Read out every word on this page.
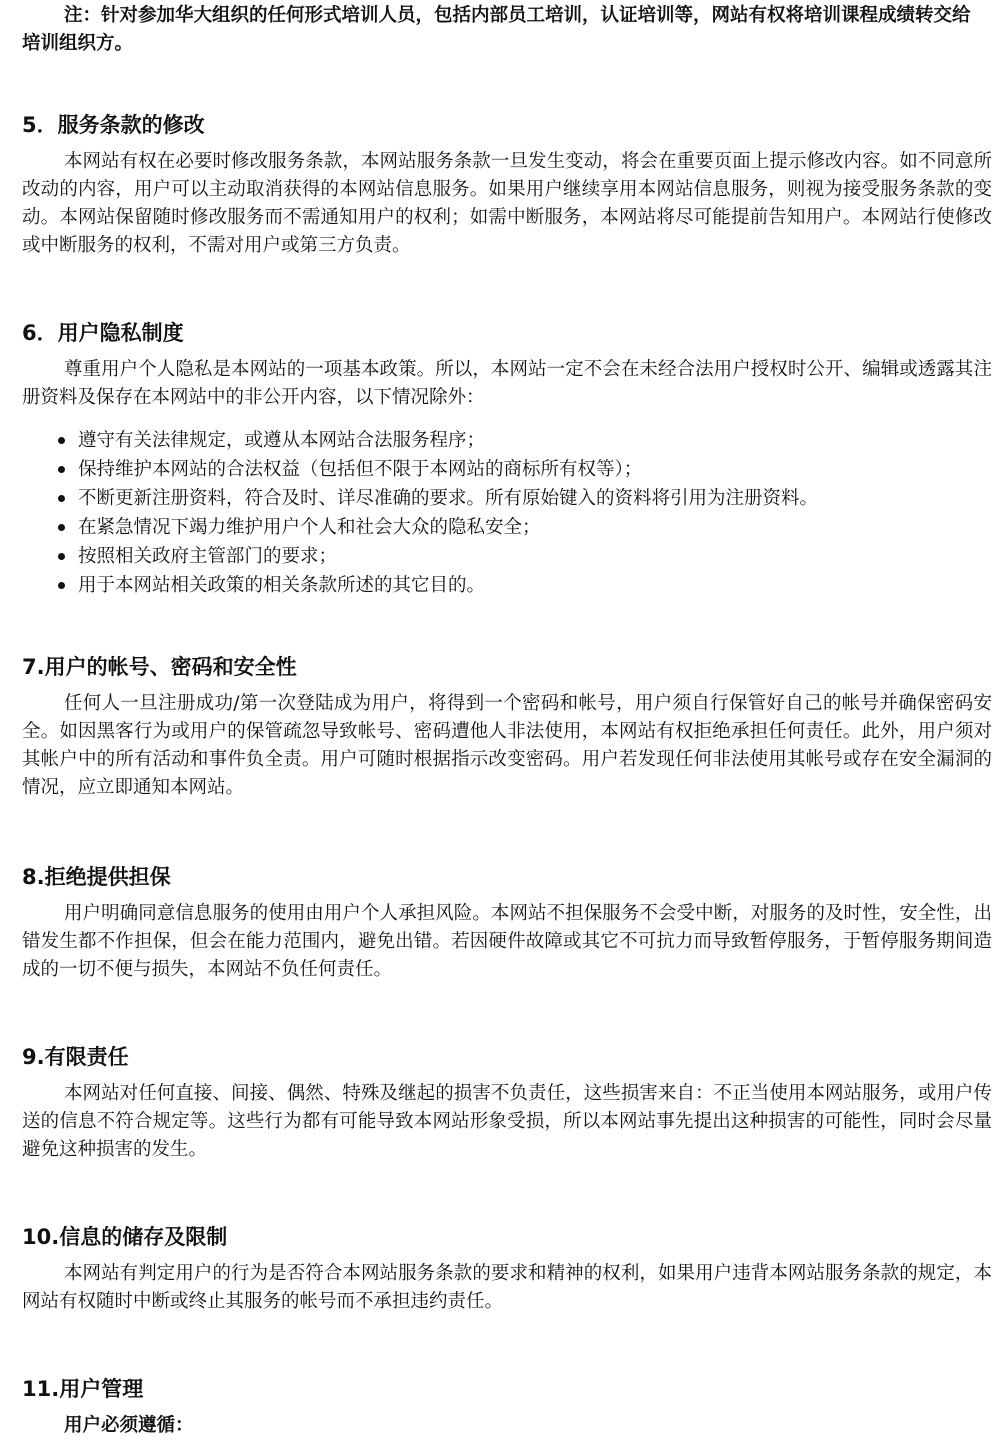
注：针对参加华大组织的任何形式培训人员，包括内部员工培训，认证培训等，网站有权将培训课程成绩转交给培训组织方。

5．服务条款的修改

本网站有权在必要时修改服务条款，本网站服务条款一旦发生变动，将会在重要页面上提示修改内容。如不同意所改动的内容，用户可以主动取消获得的本网站信息服务。如果用户继续享用本网站信息服务，则视为接受服务条款的变动。本网站保留随时修改服务而不需通知用户的权利；如需中断服务，本网站将尽可能提前告知用户。本网站行使修改或中断服务的权利，不需对用户或第三方负责。

6．用户隐私制度

尊重用户个人隐私是本网站的一项基本政策。所以，本网站一定不会在未经合法用户授权时公开、编辑或透露其注册资料及保存在本网站中的非公开内容，以下情况除外：

遵守有关法律规定，或遵从本网站合法服务程序；
保持维护本网站的合法权益（包括但不限于本网站的商标所有权等）；
不断更新注册资料，符合及时、详尽准确的要求。所有原始键入的资料将引用为注册资料。
在紧急情况下竭力维护用户个人和社会大众的隐私安全；
按照相关政府主管部门的要求；
用于本网站相关政策的相关条款所述的其它目的。
7.用户的帐号、密码和安全性

任何人一旦注册成功/第一次登陆成为用户，将得到一个密码和帐号，用户须自行保管好自己的帐号并确保密码安全。如因黑客行为或用户的保管疏忽导致帐号、密码遭他人非法使用，本网站有权拒绝承担任何责任。此外，用户须对其帐户中的所有活动和事件负全责。用户可随时根据指示改变密码。用户若发现任何非法使用其帐号或存在安全漏洞的情况，应立即通知本网站。

8.拒绝提供担保

用户明确同意信息服务的使用由用户个人承担风险。本网站不担保服务不会受中断，对服务的及时性，安全性，出错发生都不作担保，但会在能力范围内，避免出错。若因硬件故障或其它不可抗力而导致暂停服务，于暂停服务期间造成的一切不便与损失，本网站不负任何责任。

9.有限责任

本网站对任何直接、间接、偶然、特殊及继起的损害不负责任，这些损害来自：不正当使用本网站服务，或用户传送的信息不符合规定等。这些行为都有可能导致本网站形象受损，所以本网站事先提出这种损害的可能性，同时会尽量避免这种损害的发生。

10.信息的储存及限制

本网站有判定用户的行为是否符合本网站服务条款的要求和精神的权利，如果用户违背本网站服务条款的规定，本网站有权随时中断或终止其服务的帐号而不承担违约责任。

11.用户管理

用户必须遵循：
